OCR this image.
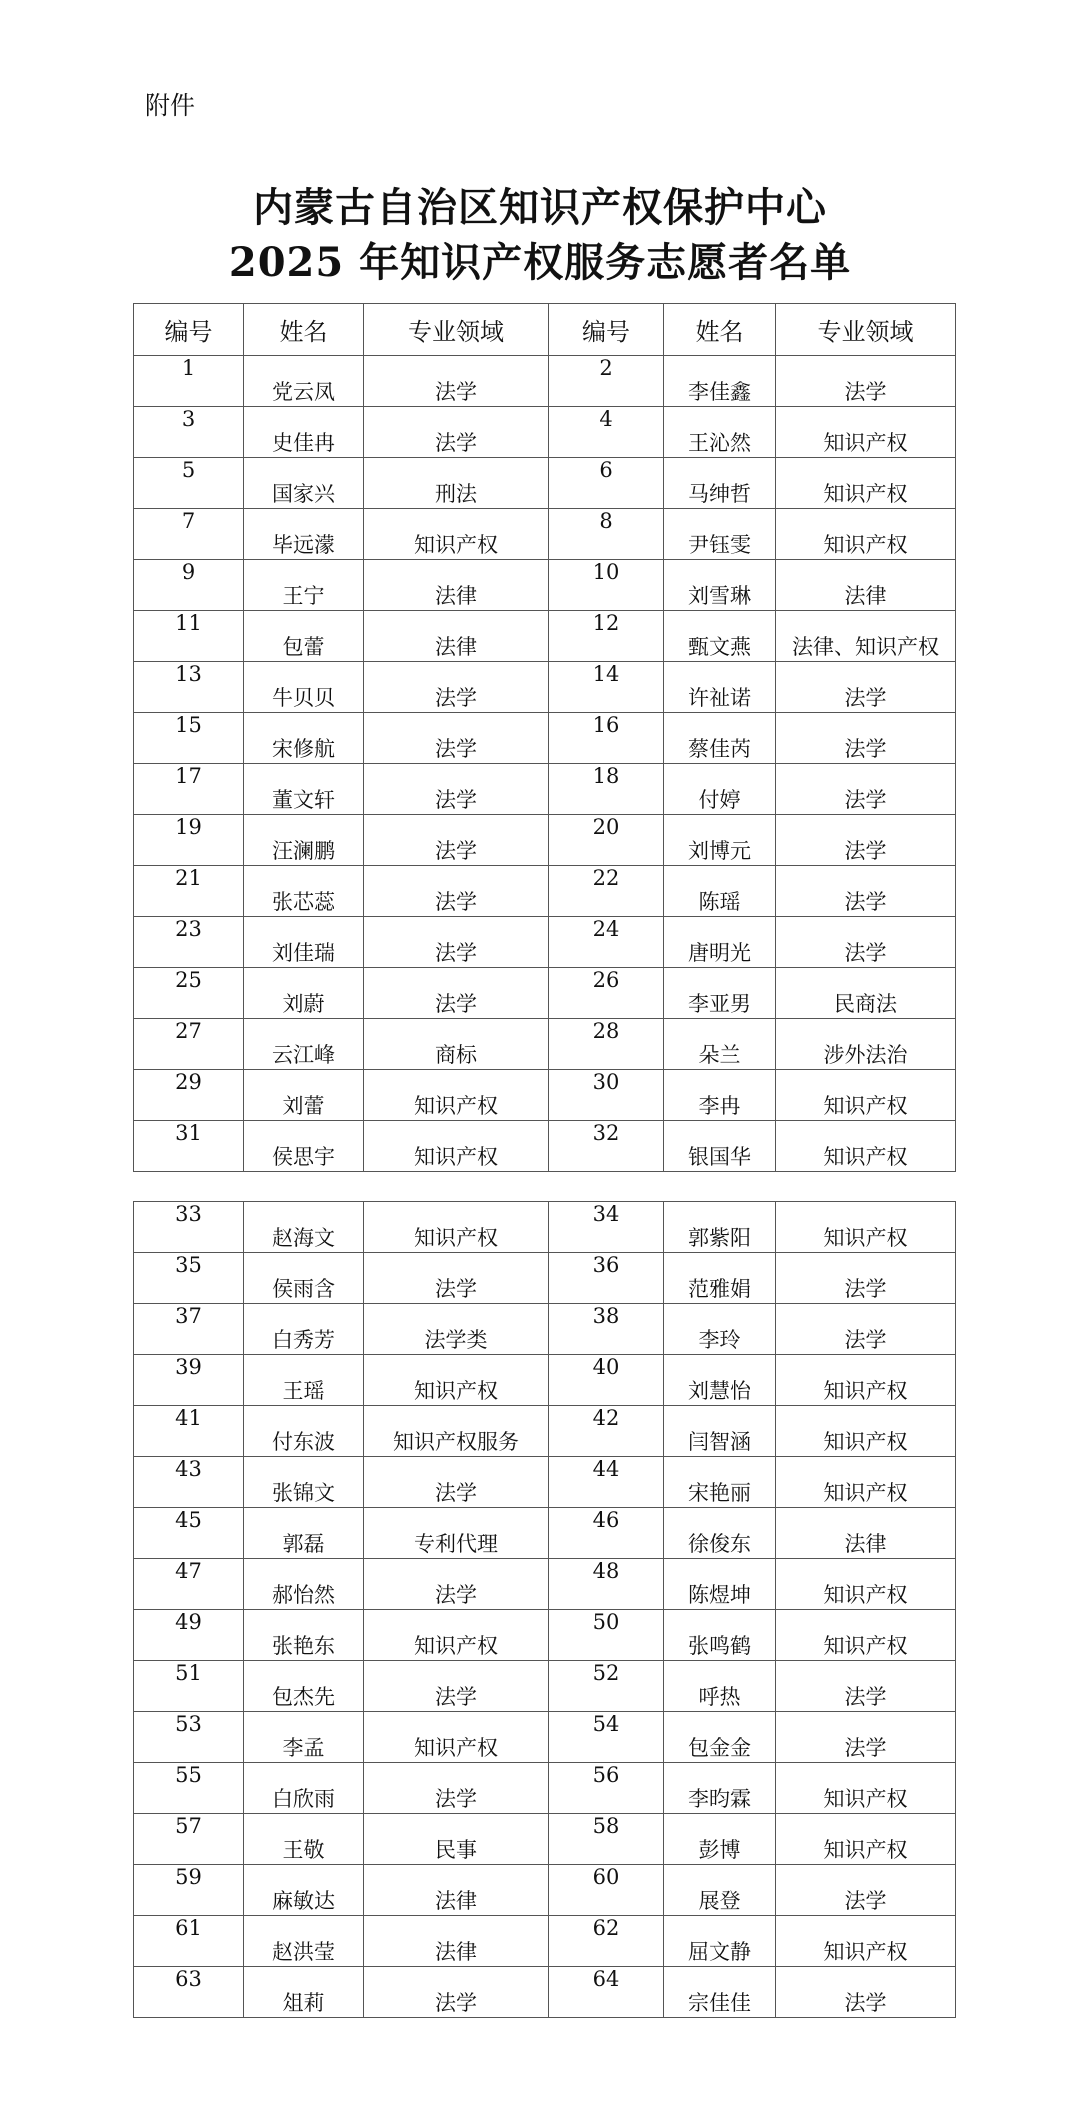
附件
内蒙古自治区知识产权保护中心
2025 年知识产权服务志愿者名单
编号	姓名	专业领域	编号	姓名	专业领域
1	党云凤	法学	2	李佳鑫	法学
3	史佳冉	法学	4	王沁然	知识产权
5	国家兴	刑法	6	马绅哲	知识产权
7	毕远濛	知识产权	8	尹钰雯	知识产权
9	王宁	法律	10	刘雪琳	法律
11	包蕾	法律	12	甄文燕	法律、知识产权
13	牛贝贝	法学	14	许祉诺	法学
15	宋修航	法学	16	蔡佳芮	法学
17	董文轩	法学	18	付婷	法学
19	汪澜鹏	法学	20	刘博元	法学
21	张芯蕊	法学	22	陈瑶	法学
23	刘佳瑞	法学	24	唐明光	法学
25	刘蔚	法学	26	李亚男	民商法
27	云江峰	商标	28	朵兰	涉外法治
29	刘蕾	知识产权	30	李冉	知识产权
31	侯思宇	知识产权	32	银国华	知识产权
33	赵海文	知识产权	34	郭紫阳	知识产权
35	侯雨含	法学	36	范雅娟	法学
37	白秀芳	法学类	38	李玲	法学
39	王瑶	知识产权	40	刘慧怡	知识产权
41	付东波	知识产权服务	42	闫智涵	知识产权
43	张锦文	法学	44	宋艳丽	知识产权
45	郭磊	专利代理	46	徐俊东	法律
47	郝怡然	法学	48	陈煜坤	知识产权
49	张艳东	知识产权	50	张鸣鹤	知识产权
51	包杰先	法学	52	呼热	法学
53	李孟	知识产权	54	包金金	法学
55	白欣雨	法学	56	李昀霖	知识产权
57	王敬	民事	58	彭博	知识产权
59	麻敏达	法律	60	展登	法学
61	赵洪莹	法律	62	屈文静	知识产权
63	俎莉	法学	64	宗佳佳	法学
